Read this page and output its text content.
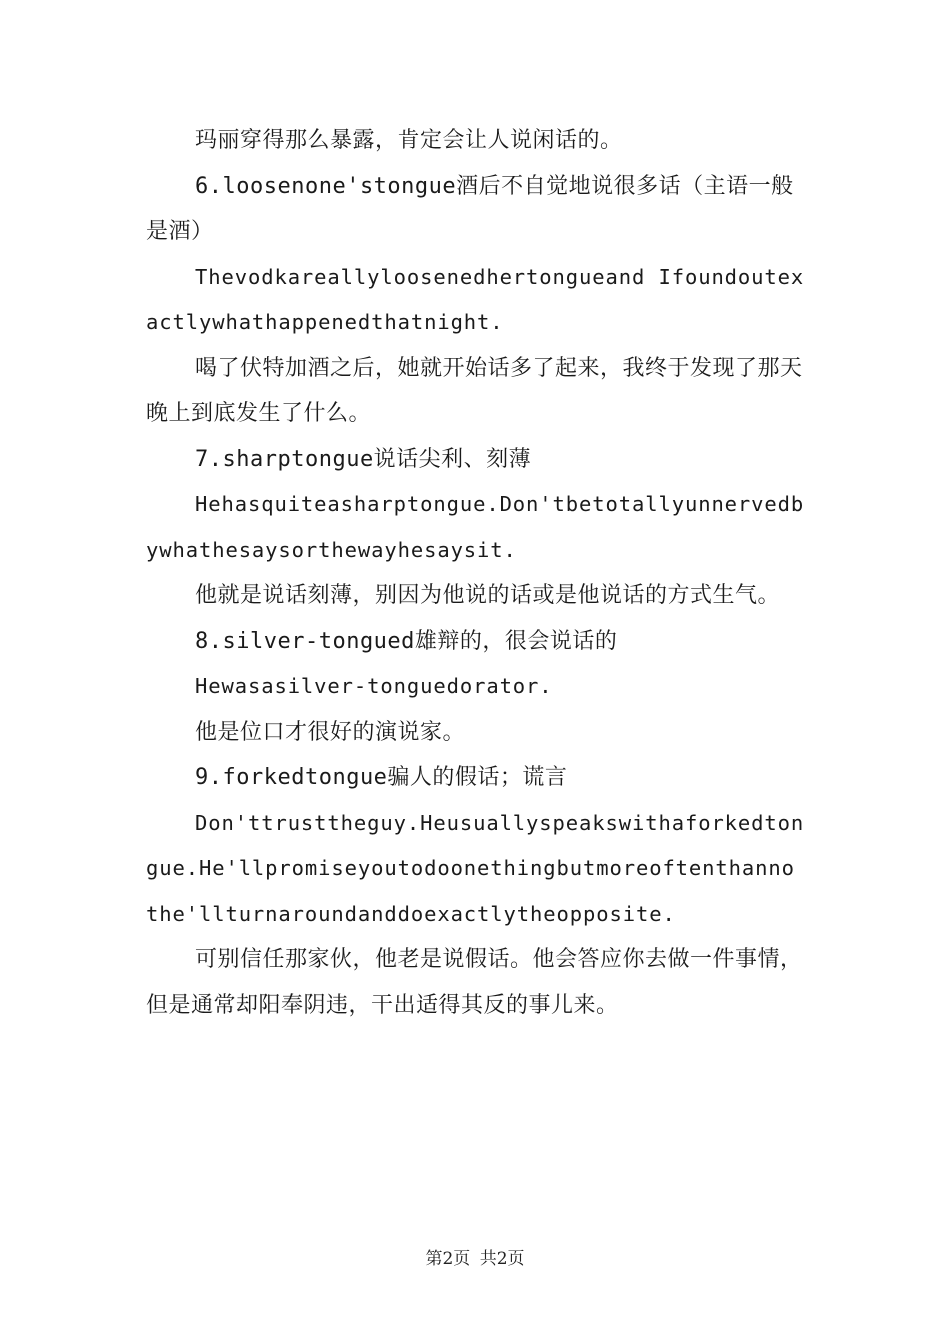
玛丽穿得那么暴露，肯定会让人说闲话的。

6.loosenone'stongue酒后不自觉地说很多话（主语一般是酒）

Thevodkareallyloosenedhertongueand Ifoundoutexactlywhathappenedthatnight.

喝了伏特加酒之后，她就开始话多了起来，我终于发现了那天晚上到底发生了什么。

7.sharptongue说话尖利、刻薄

Hehasquiteasharptongue.Don'tbetotallyunnervedbywhathesaysorthewayhesaysit.

他就是说话刻薄，别因为他说的话或是他说话的方式生气。

8.silver-tongued雄辩的，很会说话的

Hewasasilver-tonguedorator.

他是位口才很好的演说家。

9.forkedtongue骗人的假话；谎言

Don'ttrusttheguy.Heusuallyspeakswithaforkedtongue.He'llpromiseyoutodoonethingbutmoreoftenthannothe'llturnaroundanddoexactlytheopposite.

可别信任那家伙，他老是说假话。他会答应你去做一件事情，但是通常却阳奉阴违，干出适得其反的事儿来。

第2页 共2页
